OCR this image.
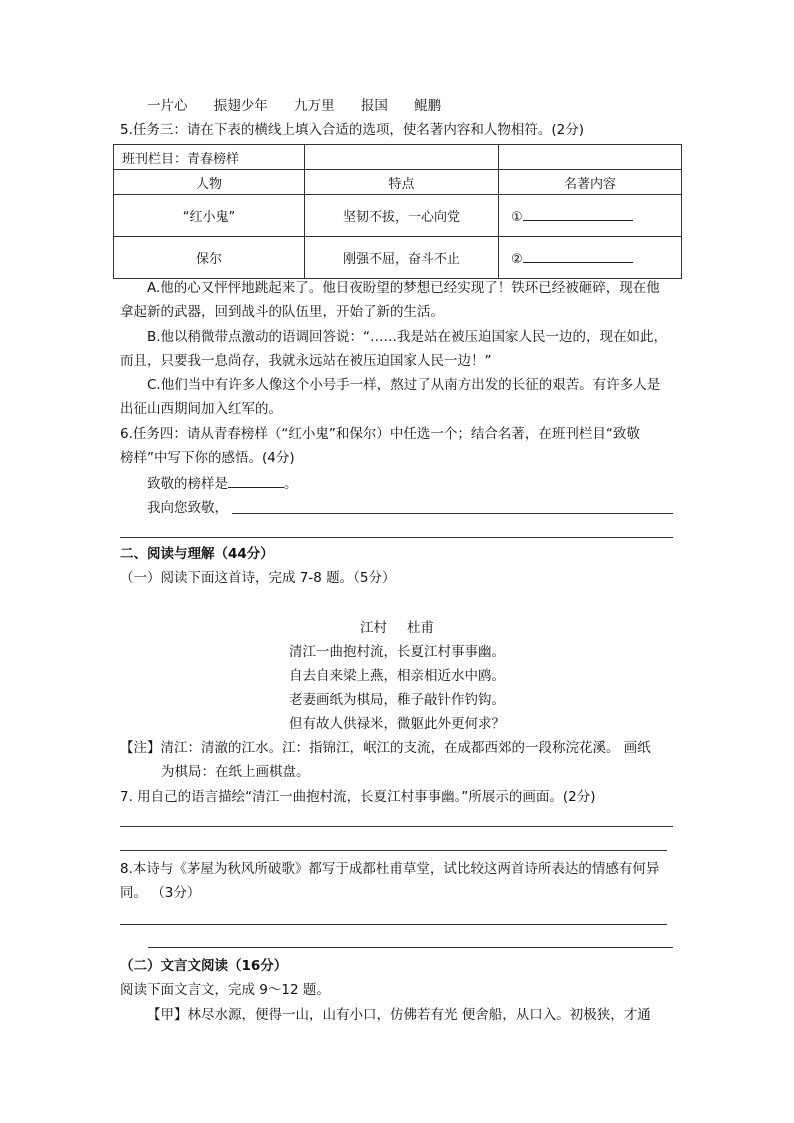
一片心 振翅少年 九万里 报国 鲲鹏
5.任务三：请在下表的横线上填入合适的选项，使名著内容和人物相符。(2分)
班刊栏目：青春榜样		
人物	特点	名著内容
“红小鬼”	坚韧不拔，一心向党	①
保尔	刚强不屈，奋斗不止	②
A.他的心又怦怦地跳起来了。他日夜盼望的梦想已经实现了！铁环已经被砸碎，现在他
拿起新的武器，回到战斗的队伍里，开始了新的生活。
B.他以稍微带点激动的语调回答说：“……我是站在被压迫国家人民一边的，现在如此，
而且，只要我一息尚存，我就永远站在被压迫国家人民一边！”
C.他们当中有许多人像这个小号手一样，熬过了从南方出发的长征的艰苦。有许多人是
出征山西期间加入红军的。
6.任务四：请从青春榜样（“红小鬼”和保尔）中任选一个；结合名著，在班刊栏目“致敬
榜样”中写下你的感悟。(4分)
致敬的榜样是	。
我向您致敬，
二、阅读与理解（44分）
（一）阅读下面这首诗，完成 7-8 题。（5分）
江村 杜甫
清江一曲抱村流，长夏江村事事幽。
自去自来梁上燕，相亲相近水中鸥。
老妻画纸为棋局，稚子敲针作钓钩。
但有故人供禄米，微躯此外更何求？
【注】清江：清澈的江水。江：指锦江，岷江的支流，在成都西郊的一段称浣花溪。 画纸
为棋局：在纸上画棋盘。
7. 用自己的语言描绘“清江一曲抱村流，长夏江村事事幽。”所展示的画面。(2分)
8.本诗与《茅屋为秋风所破歌》都写于成都杜甫草堂，试比较这两首诗所表达的情感有何异
同。 （3分）
（二）文言文阅读（16分）
阅读下面文言文，完成 9～12 题。
【甲】林尽水源，便得一山，山有小口，仿佛若有光 便舍船，从口入。初极狭，才通
